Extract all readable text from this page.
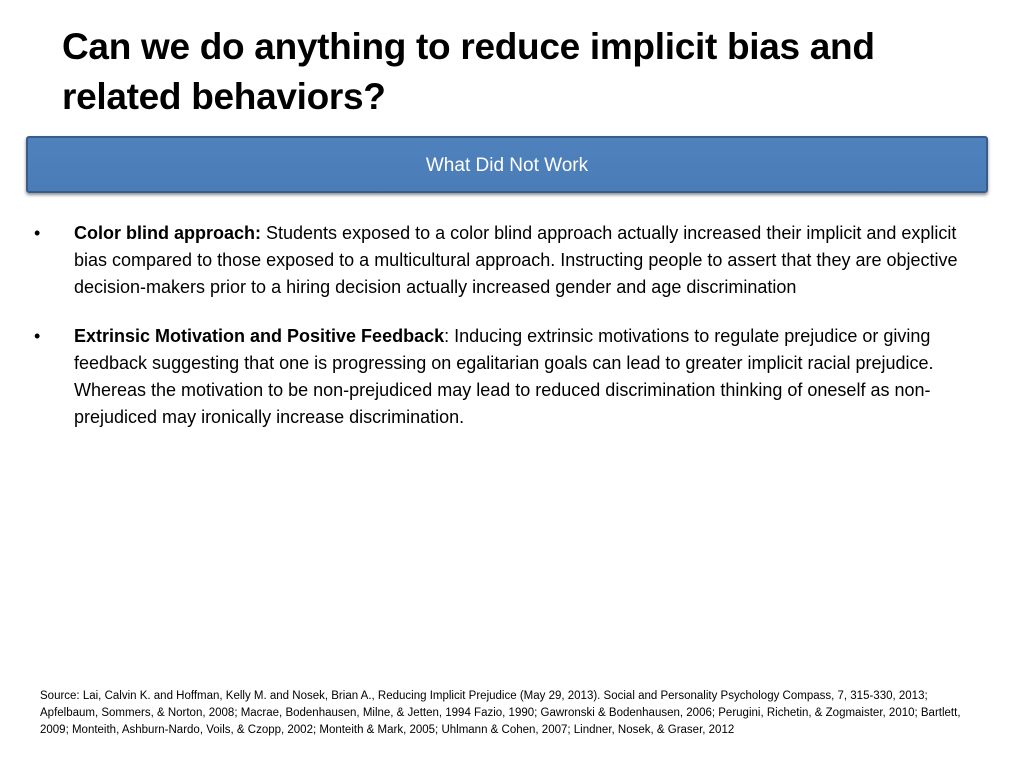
Can we do anything to reduce implicit bias and related behaviors?
What Did Not Work
• Color blind approach: Students exposed to a color blind approach actually increased their implicit and explicit bias compared to those exposed to a multicultural approach. Instructing people to assert that they are objective decision-makers prior to a hiring decision actually increased gender and age discrimination
• Extrinsic Motivation and Positive Feedback: Inducing extrinsic motivations to regulate prejudice or giving feedback suggesting that one is progressing on egalitarian goals can lead to greater implicit racial prejudice. Whereas the motivation to be non-prejudiced may lead to reduced discrimination thinking of oneself as non-prejudiced may ironically increase discrimination.

Source: Lai, Calvin K. and Hoffman, Kelly M. and Nosek, Brian A., Reducing Implicit Prejudice (May 29, 2013). Social and Personality Psychology Compass, 7, 315-330, 2013; Apfelbaum, Sommers, & Norton, 2008; Macrae, Bodenhausen, Milne, & Jetten, 1994 Fazio, 1990; Gawronski & Bodenhausen, 2006; Perugini, Richetin, & Zogmaister, 2010; Bartlett, 2009; Monteith, Ashburn-Nardo, Voils, & Czopp, 2002; Monteith & Mark, 2005; Uhlmann & Cohen, 2007; Lindner, Nosek, & Graser, 2012
